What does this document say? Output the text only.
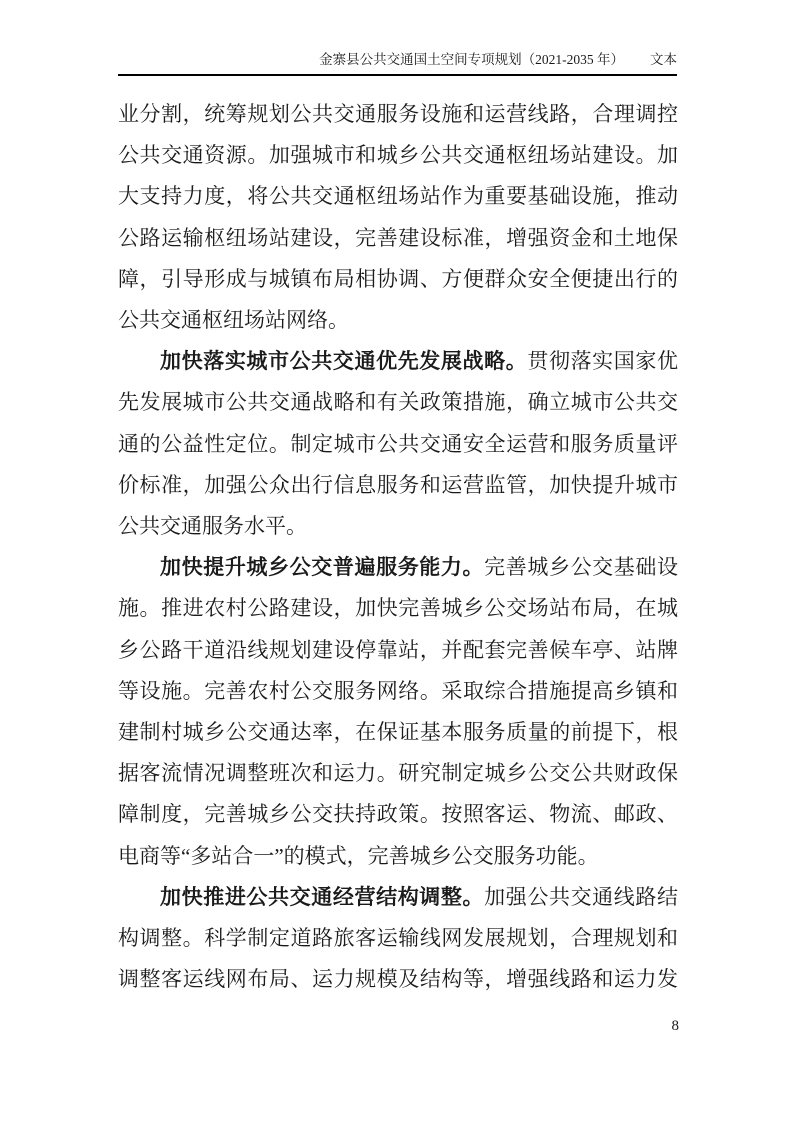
金寨县公共交通国土空间专项规划（2021-2035 年） 文本
业分割，统筹规划公共交通服务设施和运营线路，合理调控
公共交通资源。加强城市和城乡公共交通枢纽场站建设。加
大支持力度，将公共交通枢纽场站作为重要基础设施，推动
公路运输枢纽场站建设，完善建设标准，增强资金和土地保
障，引导形成与城镇布局相协调、方便群众安全便捷出行的
公共交通枢纽场站网络。
加快落实城市公共交通优先发展战略。贯彻落实国家优
先发展城市公共交通战略和有关政策措施，确立城市公共交
通的公益性定位。制定城市公共交通安全运营和服务质量评
价标准，加强公众出行信息服务和运营监管，加快提升城市
公共交通服务水平。
加快提升城乡公交普遍服务能力。完善城乡公交基础设
施。推进农村公路建设，加快完善城乡公交场站布局，在城
乡公路干道沿线规划建设停靠站，并配套完善候车亭、站牌
等设施。完善农村公交服务网络。采取综合措施提高乡镇和
建制村城乡公交通达率，在保证基本服务质量的前提下，根
据客流情况调整班次和运力。研究制定城乡公交公共财政保
障制度，完善城乡公交扶持政策。按照客运、物流、邮政、
电商等“多站合一”的模式，完善城乡公交服务功能。
加快推进公共交通经营结构调整。加强公共交通线路结
构调整。科学制定道路旅客运输线网发展规划，合理规划和
调整客运线网布局、运力规模及结构等，增强线路和运力发
8
